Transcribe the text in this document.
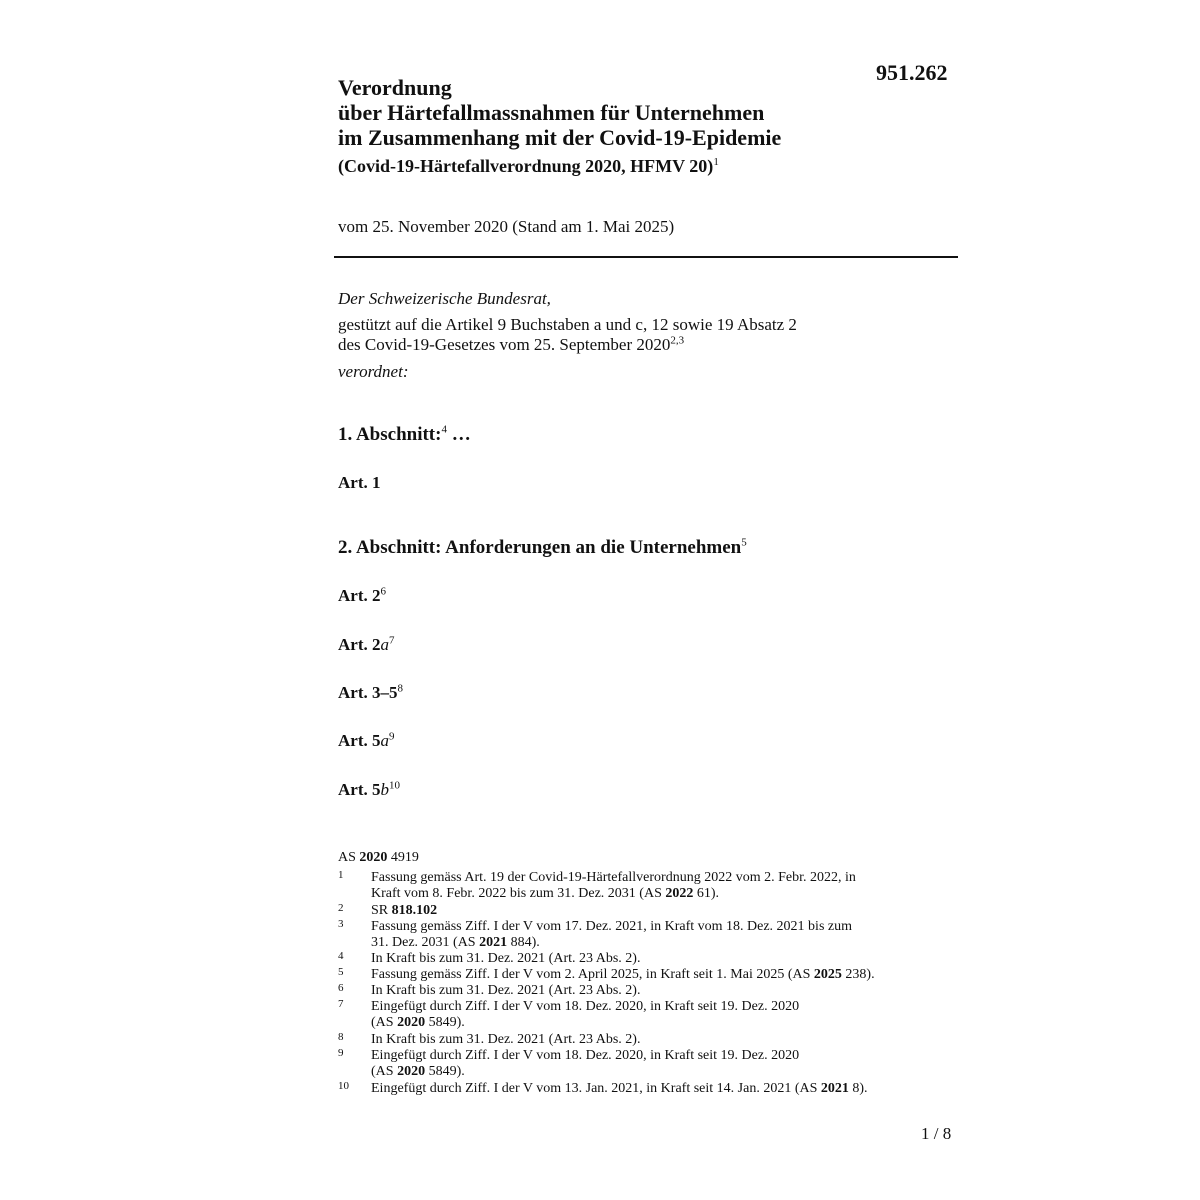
951.262
Verordnung
über Härtefallmassnahmen für Unternehmen
im Zusammenhang mit der Covid-19-Epidemie
(Covid-19-Härtefallverordnung 2020, HFMV 20)$^1$
vom 25. November 2020 (Stand am 1. Mai 2025)
Der Schweizerische Bundesrat,
gestützt auf die Artikel 9 Buchstaben a und c, 12 sowie 19 Absatz 2
des Covid-19-Gesetzes vom 25. September 2020$^{2,3}$
verordnet:
1. Abschnitt:$^4$ …
Art. 1
2. Abschnitt: Anforderungen an die Unternehmen$^5$
Art. $2^6$
Art. $2a^7$
Art. $3-5^8$
Art. $5a^9$
Art. $5b^{10}$
AS 2020 4919
1 Fassung gemäss Art. 19 der Covid-19-Härtefallverordnung 2022 vom 2. Febr. 2022, in
Kraft vom 8. Febr. 2022 bis zum 31. Dez. 2031 (AS 2022 61).
2 SR 818.102
3 Fassung gemäss Ziff. I der V vom 17. Dez. 2021, in Kraft vom 18. Dez. 2021 bis zum
31. Dez. 2031 (AS 2021 884).
4 In Kraft bis zum 31. Dez. 2021 (Art. 23 Abs. 2).
5 Fassung gemäss Ziff. I der V vom 2. April 2025, in Kraft seit 1. Mai 2025 (AS 2025 238).
6 In Kraft bis zum 31. Dez. 2021 (Art. 23 Abs. 2).
7 Eingefügt durch Ziff. I der V vom 18. Dez. 2020, in Kraft seit 19. Dez. 2020
(AS 2020 5849).
8 In Kraft bis zum 31. Dez. 2021 (Art. 23 Abs. 2).
9 Eingefügt durch Ziff. I der V vom 18. Dez. 2020, in Kraft seit 19. Dez. 2020
(AS 2020 5849).
10 Eingefügt durch Ziff. I der V vom 13. Jan. 2021, in Kraft seit 14. Jan. 2021 (AS 2021 8).
1 / 8
